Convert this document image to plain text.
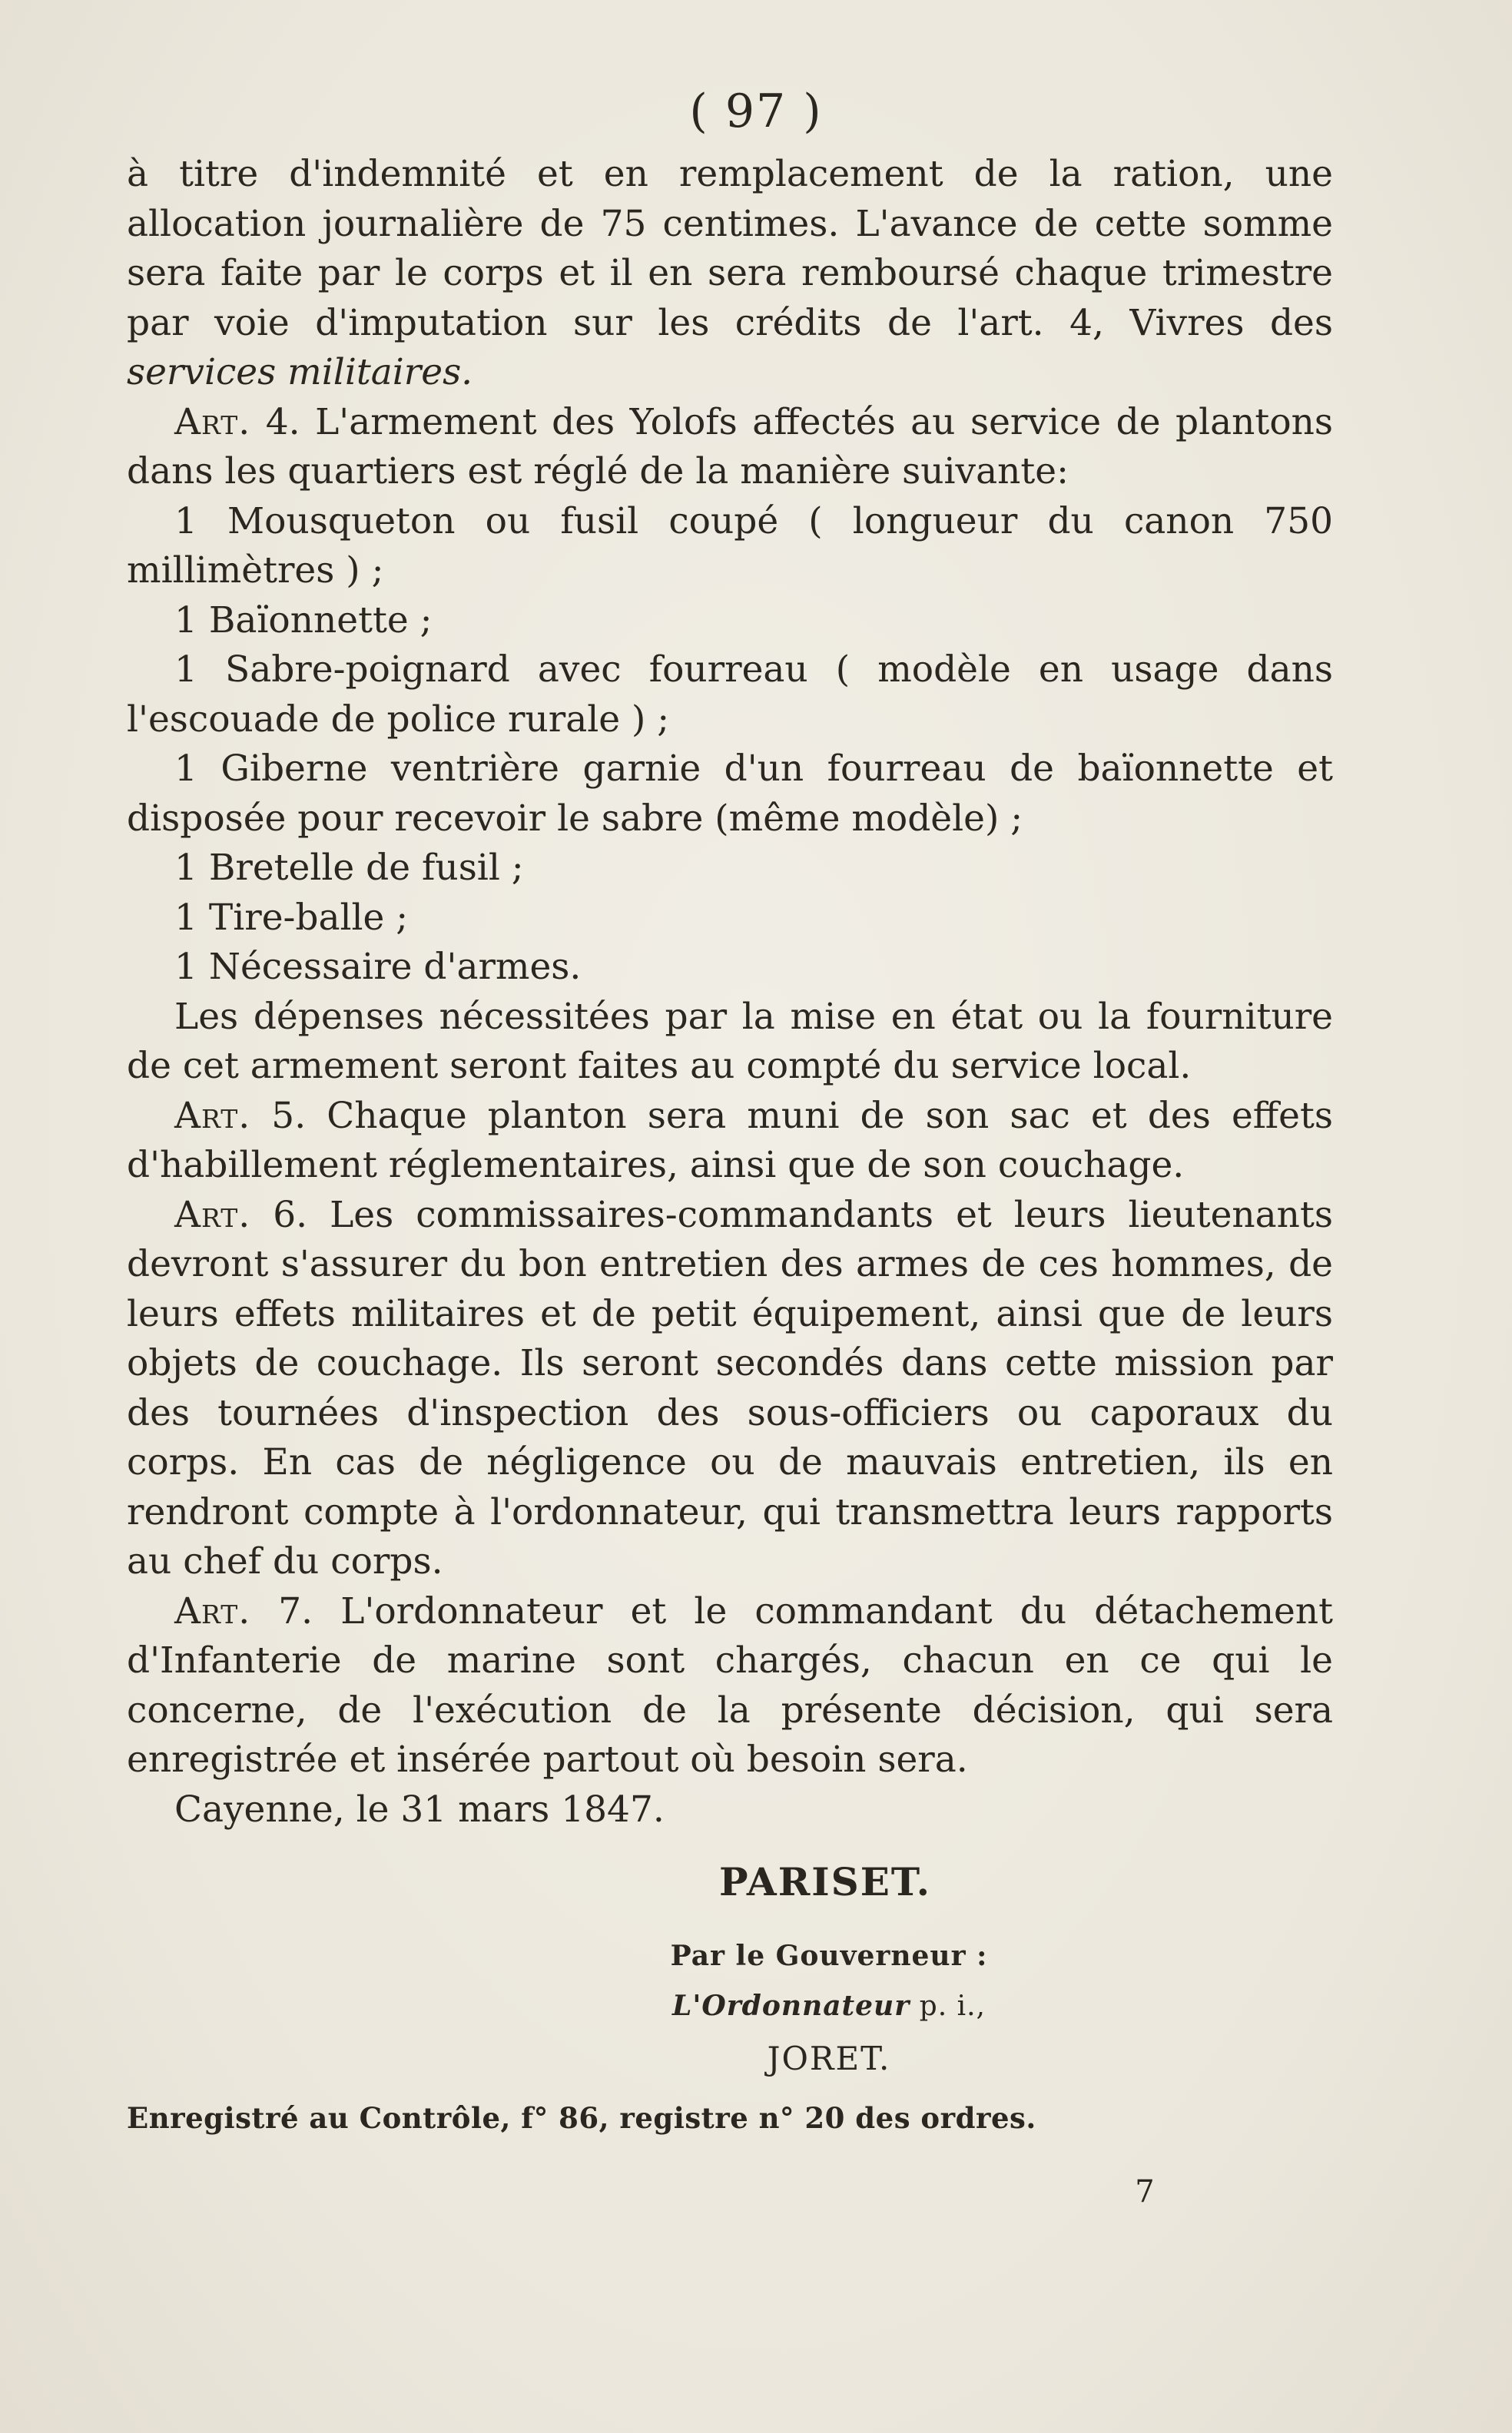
( 97 )

à titre d'indemnité et en remplacement de la ration, une allocation journalière de 75 centimes. L'avance de cette somme sera faite par le corps et il en sera remboursé chaque trimestre par voie d'imputation sur les crédits de l'art. 4, Vivres des services militaires.

Art. 4. L'armement des Yolofs affectés au service de plantons dans les quartiers est réglé de la manière suivante:

1 Mousqueton ou fusil coupé ( longueur du canon 750 millimètres ) ;

1 Baïonnette ;

1 Sabre-poignard avec fourreau ( modèle en usage dans l'escouade de police rurale ) ;

1 Giberne ventrière garnie d'un fourreau de baïonnette et disposée pour recevoir le sabre (même modèle) ;

1 Bretelle de fusil ;

1 Tire-balle ;

1 Nécessaire d'armes.

Les dépenses nécessitées par la mise en état ou la fourniture de cet armement seront faites au compté du service local.

Art. 5. Chaque planton sera muni de son sac et des effets d'habillement réglementaires, ainsi que de son couchage.

Art. 6. Les commissaires-commandants et leurs lieutenants devront s'assurer du bon entretien des armes de ces hommes, de leurs effets militaires et de petit équipement, ainsi que de leurs objets de couchage. Ils seront secondés dans cette mission par des tournées d'inspection des sous-officiers ou caporaux du corps. En cas de négligence ou de mauvais entretien, ils en rendront compte à l'ordonnateur, qui transmettra leurs rapports au chef du corps.

Art. 7. L'ordonnateur et le commandant du détachement d'Infanterie de marine sont chargés, chacun en ce qui le concerne, de l'exécution de la présente décision, qui sera enregistrée et insérée partout où besoin sera.

Cayenne, le 31 mars 1847.

PARISET.
Par le Gouverneur :
L'Ordonnateur p. i.,
JORET.
Enregistré au Contrôle, f° 86, registre n° 20 des ordres.
7
